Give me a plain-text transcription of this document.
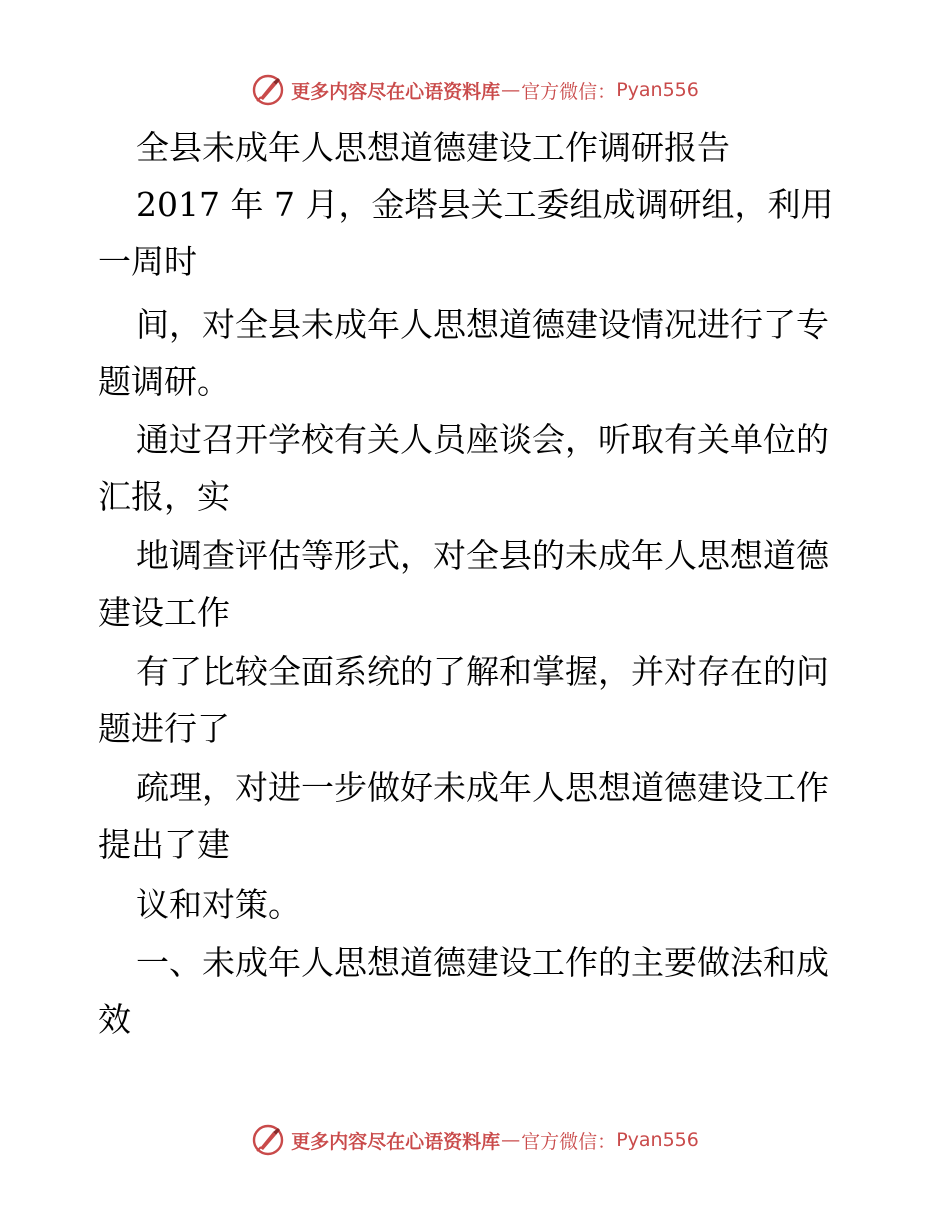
更多内容尽在心语资料库 — 官方微信： Pyan556
全县未成年人思想道德建设工作调研报告
2017 年 7 月，金塔县关工委组成调研组，利用
一周时
间，对全县未成年人思想道德建设情况进行了专
题调研。
通过召开学校有关人员座谈会，听取有关单位的
汇报，实
地调查评估等形式，对全县的未成年人思想道德
建设工作
有了比较全面系统的了解和掌握，并对存在的问
题进行了
疏理，对进一步做好未成年人思想道德建设工作
提出了建
议和对策。
一、未成年人思想道德建设工作的主要做法和成
效
更多内容尽在心语资料库 — 官方微信： Pyan556
